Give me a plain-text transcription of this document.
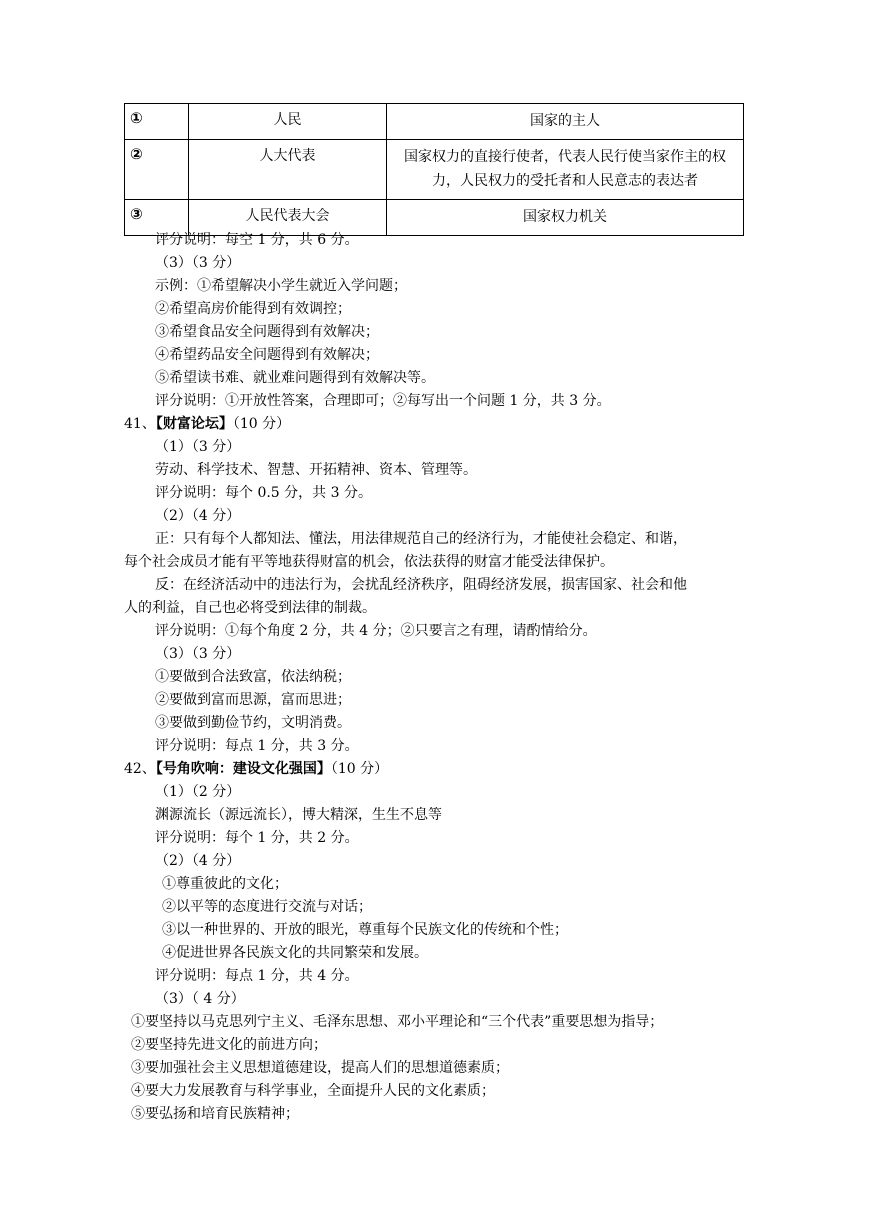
①	人民	国家的主人
②	人大代表	国家权力的直接行使者，代表人民行使当家作主的权力，人民权力的受托者和人民意志的表达者
③	人民代表大会	国家权力机关
评分说明：每空 1 分，共 6 分。
（3）（3 分）
示例：①希望解决小学生就近入学问题；
②希望高房价能得到有效调控；
③希望食品安全问题得到有效解决；
④希望药品安全问题得到有效解决；
⑤希望读书难、就业难问题得到有效解决等。
评分说明：①开放性答案，合理即可；②每写出一个问题 1 分，共 3 分。
41、【财富论坛】（10 分）
（1）（3 分）
劳动、科学技术、智慧、开拓精神、资本、管理等。
评分说明：每个 0.5 分，共 3 分。
（2）（4 分）
正：只有每个人都知法、懂法，用法律规范自己的经济行为，才能使社会稳定、和谐，
每个社会成员才能有平等地获得财富的机会，依法获得的财富才能受法律保护。
反：在经济活动中的违法行为，会扰乱经济秩序，阻碍经济发展，损害国家、社会和他
人的利益，自己也必将受到法律的制裁。
评分说明：①每个角度 2 分，共 4 分；②只要言之有理，请酌情给分。
（3）（3 分）
①要做到合法致富，依法纳税；
②要做到富而思源，富而思进；
③要做到勤俭节约，文明消费。
评分说明：每点 1 分，共 3 分。
42、【号角吹响：建设文化强国】（10 分）
（1）（2 分）
渊源流长（源远流长），博大精深，生生不息等
评分说明：每个 1 分，共 2 分。
（2）（4 分）
①尊重彼此的文化；
②以平等的态度进行交流与对话；
③以一种世界的、开放的眼光，尊重每个民族文化的传统和个性；
④促进世界各民族文化的共同繁荣和发展。
评分说明：每点 1 分，共 4 分。
（3）（ 4 分）
①要坚持以马克思列宁主义、毛泽东思想、邓小平理论和“三个代表”重要思想为指导；
②要坚持先进文化的前进方向；
③要加强社会主义思想道德建设，提高人们的思想道德素质；
④要大力发展教育与科学事业，全面提升人民的文化素质；
⑤要弘扬和培育民族精神；
